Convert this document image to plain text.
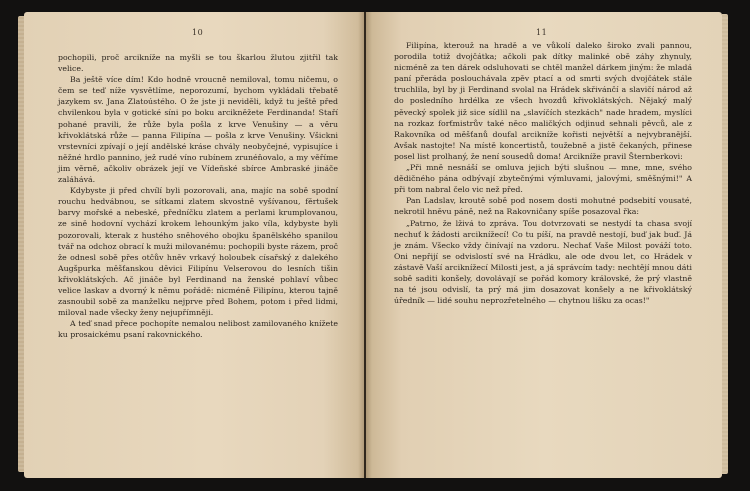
10

pochopili, proč arcikníže na myšli se tou škarlou žlutou zjitřil tak velice.

Ba ještě více dím! Kdo hodně vroucně nemiloval, tomu ničemu, o čem se teď níže vysvětlíme, neporozumí, bychom vykládali třebatě jazykem sv. Jana Zlatoústého. O že jste ji neviděli, když tu ještě před chvilenkou byla v gotické síni po boku arcikněžete Ferdinanda! Staří pohané pravili, že růže byla pošla z krve Venušiny — a věru křivoklátská růže — panna Filipína — pošla z krve Venušiny. Všickni vrstevníci zpívají o její andělské kráse chvály neobyčejné, vypisujíce i něžné hrdlo pannino, jež rudé víno rubínem zrunéňovalo, a my věříme jim věrně, ačkoliv obrázek její ve Vídeňské sbírce Ambraské jináče zaláhává.

Kdybyste ji před chvílí byli pozorovali, ana, majíc na sobě spodní rouchu hedvábnou, se sítkami zlatem skvostně vyšívanou, fěrtušek barvy mořské a nebeské, předníčku zlatem a perlami krumplovanou, ze sině hodovní vychází krokem lehounkým jako víla, kdybyste byli pozorovali, kterak z hustého sněhového obojku španělského spanilou tvář na odchoz obrací k muži milovanému: pochopili byste rázem, proč že odnesl sobě přes otčův hněv vrkavý holoubek císařský z dalekého Augšpurka měšťanskou děvici Filipínu Velserovou do lesních tišin křivoklátských. Ač jináče byl Ferdinand na ženské pohlaví vůbec velice laskav a dvorný k němu pořádě: nicméně Filipínu, kterou tajně zasnoubil sobě za manželku nejprve před Bohem, potom i před lidmi, miloval nade všecky ženy nejupřímněji.

A teď snad přece pochopíte nemalou nelibost zamilovaného knížete ku prosaickému psaní rakovnického.

11

Filipína, kterouž na hradě a ve vůkolí dalekо široko zvali pannou, porodila totiž dvojčátka; ačkoli pak dítky malinké obě záhy zhynuly, nicméně za ten dárek odsluhovati se chtěl manžel dárkem jiným: že mladá paní přeráda poslouchávala zpěv ptací a od smrti svých dvojčátek stále truchlila, byl by ji Ferdinand svolal na Hrádek skřivánčí a slavičí národ až do posledního hrdélka ze všech hvozdů křivoklátských. Nějaký malý pěvecký spolek již sice sídlil na „slavíčích stezkách" nade hradem, myslíci na rozkaz forťmistrův také něco maličkých odjinud sehnali pěvců, ale z Rakovníka od měšťanů doufal arcikníže kořisti největší a nejvybranější. Avšak nastojte! Na místě koncertistů, toužebně a jistě čekaných, přinese posel list prolhaný, že není sousedů doma! Arcikníže pravil Šternberkovi:

„Při mně nesnáší se omluva jejich býti slušnou — mne, mne, svého dědičného pána odbývají zbytečnými výmluvami, jalovými, směšnými!" A při tom nabral čelo vic než před.

Pan Ladslav, kroutě sobě pod nosem dosti mohutné podsebití vousaté, nekrotil hněvu páně, než na Rakovničany spíše posazoval řka:

„Patrno, že lživá to zpráva. Tou dotvrzovati se nestydí ta chasa svojí nechuť k žádosti arciknížecí! Co tu píší, na pravdě nestojí, buď jak buď. Já je znám. Všecko vždy činívají na vzdoru. Nechať Vaše Milost pováží toto. Oni nepřijí se odvislostí své na Hrádku, ale ode dvou let, co Hrádek v zástavě Vaší arciknížecí Milosti jest, a já správcím tady: nechtějí mnou dáti sobě saditi konšely, dovolávají se pořád komory královské, že prý vlastně na té jsou odvislí, ta prý má jim dosazovat konšely a ne křivoklátský úředník — lidé souhu neprozřetelného — chytnou lišku za ocas!"
